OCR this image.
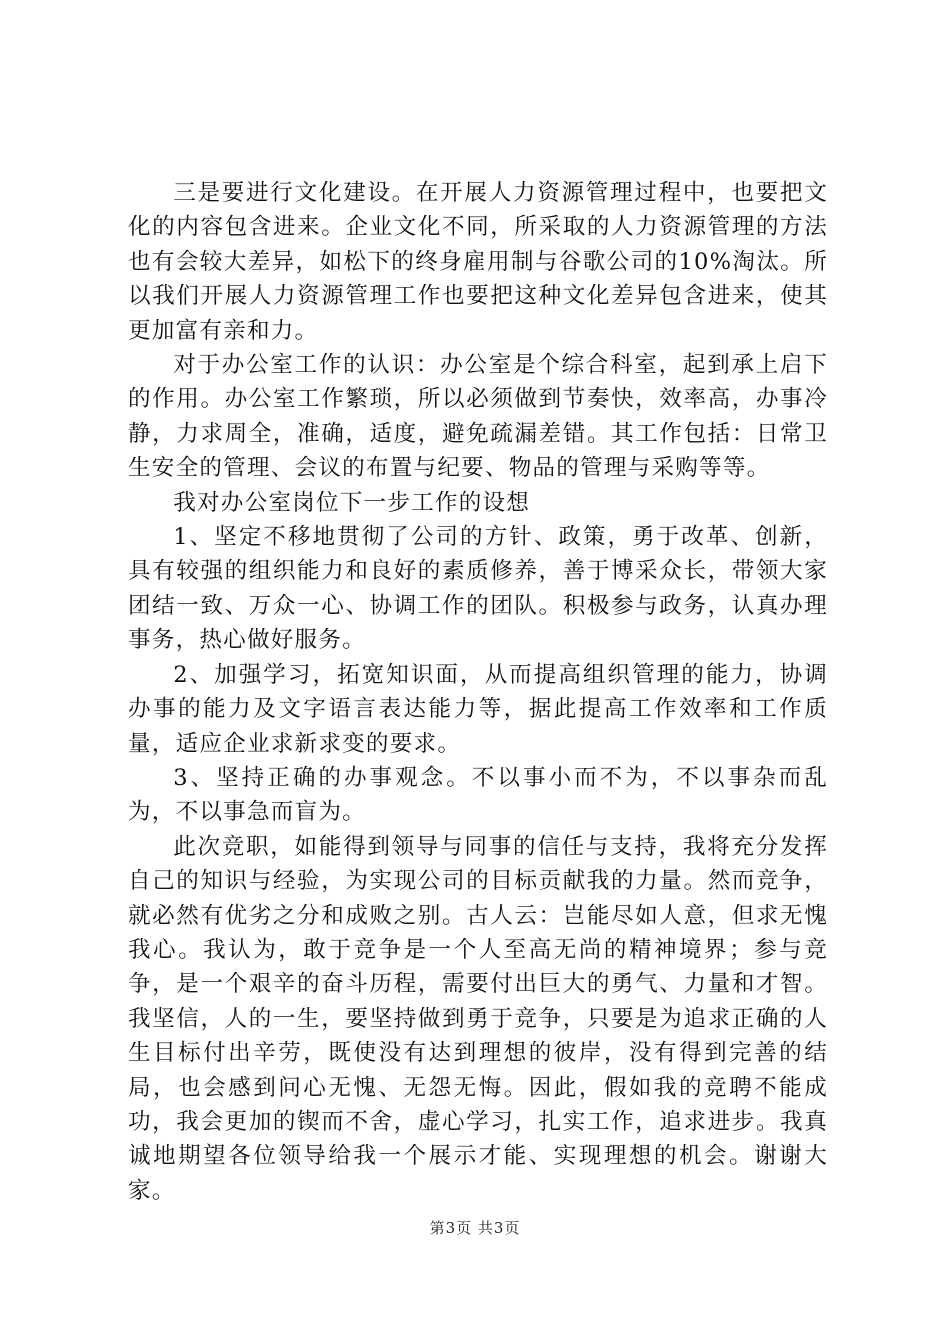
三是要进行文化建设。在开展人力资源管理过程中，也要把文化的内容包含进来。企业文化不同，所采取的人力资源管理的方法也有会较大差异，如松下的终身雇用制与谷歌公司的10%淘汰。所以我们开展人力资源管理工作也要把这种文化差异包含进来，使其更加富有亲和力。

对于办公室工作的认识：办公室是个综合科室，起到承上启下的作用。办公室工作繁琐，所以必须做到节奏快，效率高，办事冷静，力求周全，准确，适度，避免疏漏差错。其工作包括：日常卫生安全的管理、会议的布置与纪要、物品的管理与采购等等。

我对办公室岗位下一步工作的设想

1、坚定不移地贯彻了公司的方针、政策，勇于改革、创新，具有较强的组织能力和良好的素质修养，善于博采众长，带领大家团结一致、万众一心、协调工作的团队。积极参与政务，认真办理事务，热心做好服务。

2、加强学习，拓宽知识面，从而提高组织管理的能力，协调办事的能力及文字语言表达能力等，据此提高工作效率和工作质量，适应企业求新求变的要求。

3、坚持正确的办事观念。不以事小而不为，不以事杂而乱为，不以事急而盲为。

此次竞职，如能得到领导与同事的信任与支持，我将充分发挥自己的知识与经验，为实现公司的目标贡献我的力量。然而竞争，就必然有优劣之分和成败之别。古人云：岂能尽如人意，但求无愧我心。我认为，敢于竞争是一个人至高无尚的精神境界；参与竞争，是一个艰辛的奋斗历程，需要付出巨大的勇气、力量和才智。我坚信，人的一生，要坚持做到勇于竞争，只要是为追求正确的人生目标付出辛劳，既使没有达到理想的彼岸，没有得到完善的结局，也会感到问心无愧、无怨无悔。因此，假如我的竞聘不能成功，我会更加的锲而不舍，虚心学习，扎实工作，追求进步。我真诚地期望各位领导给我一个展示才能、实现理想的机会。谢谢大家。

第3页 共3页
